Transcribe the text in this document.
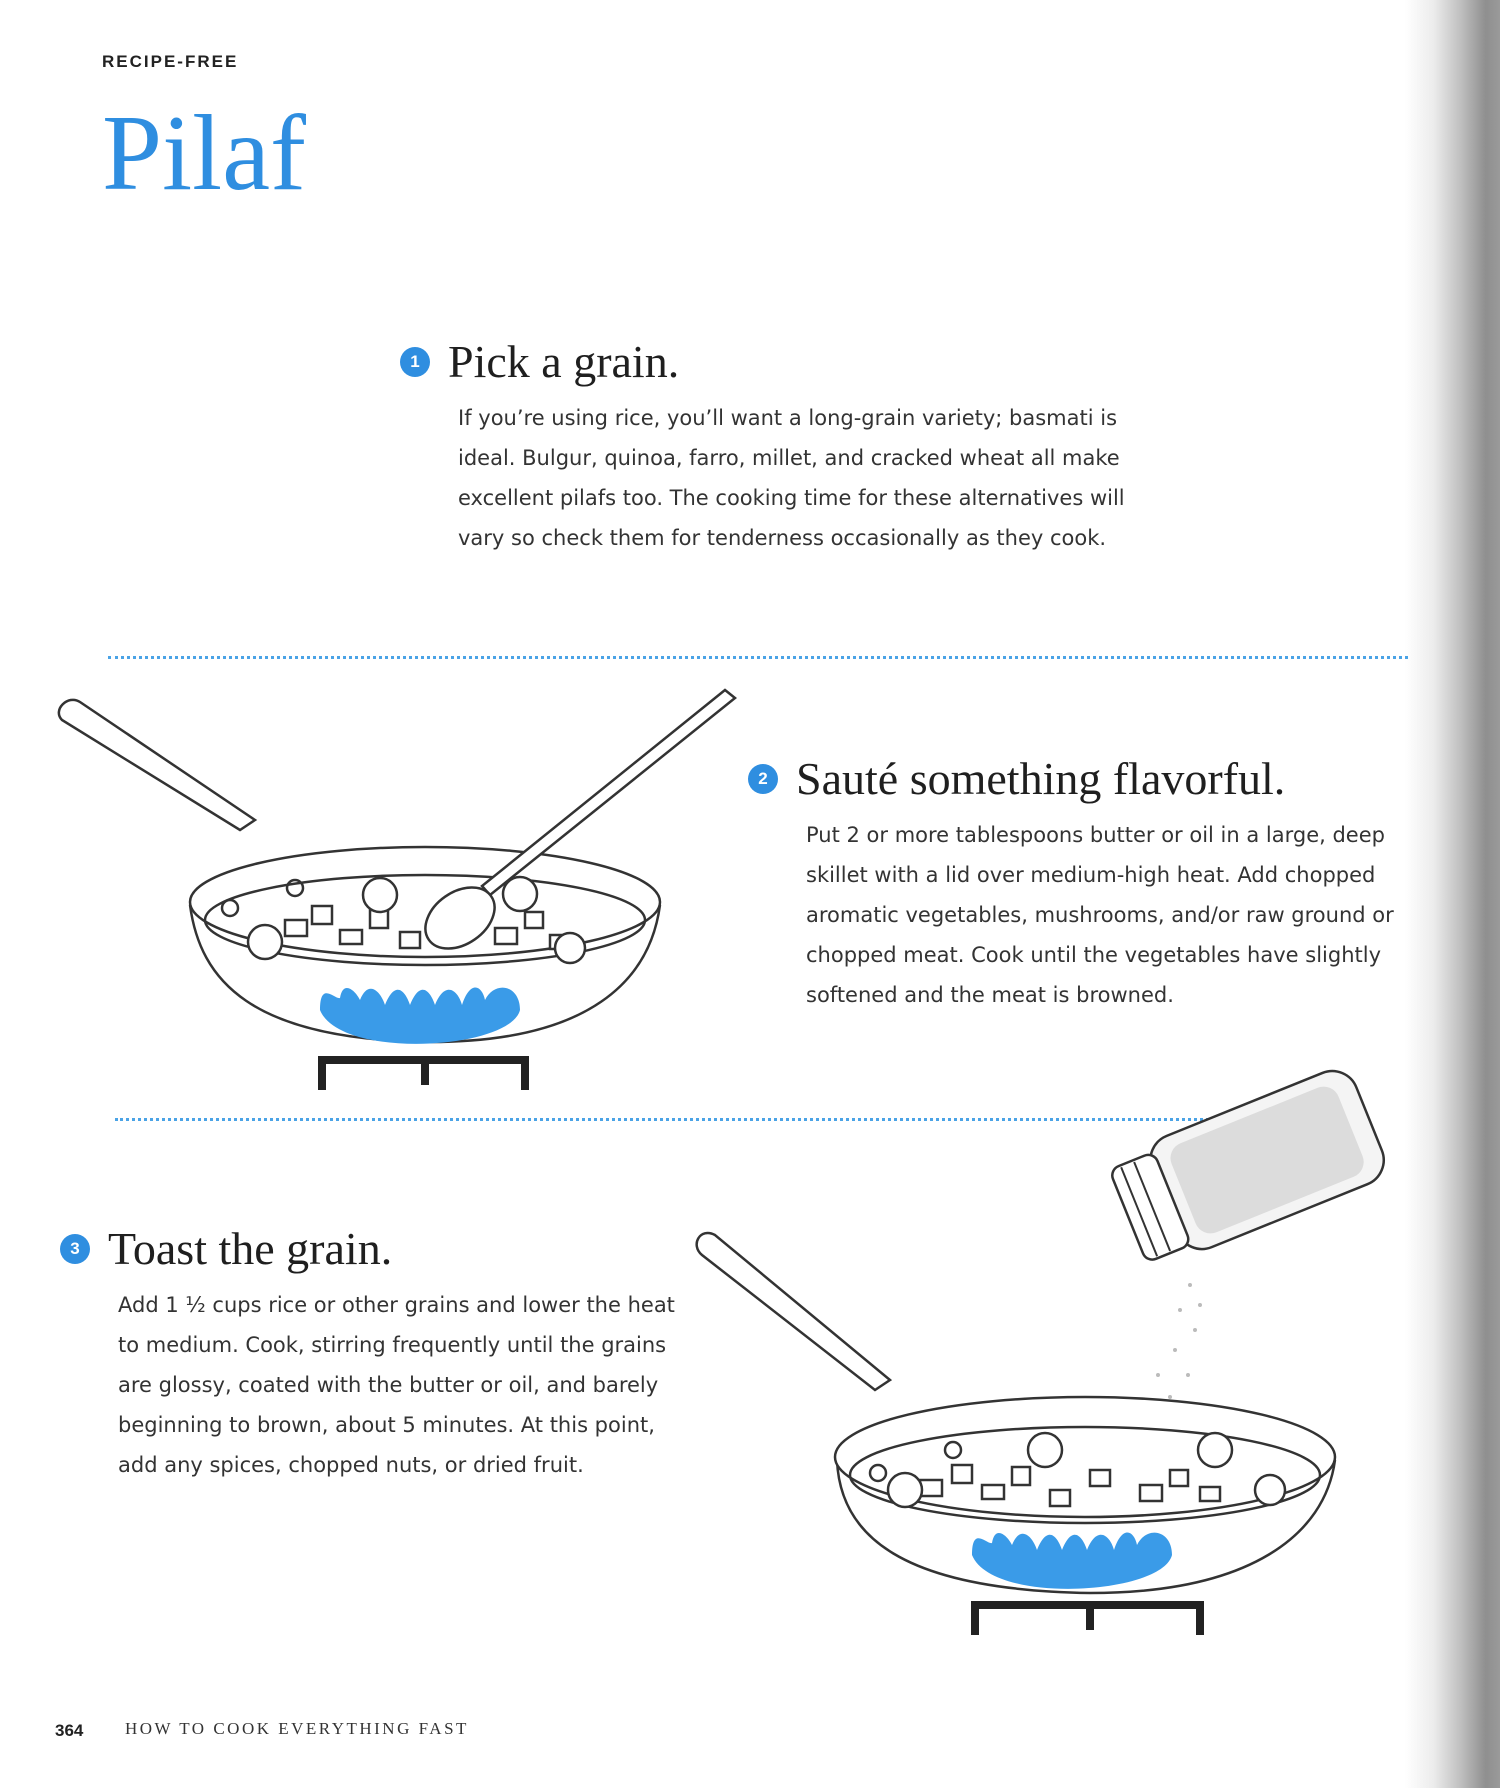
RECIPE-FREE
Pilaf
1 Pick a grain.
If you’re using rice, you’ll want a long-grain variety; basmati is ideal. Bulgur, quinoa, farro, millet, and cracked wheat all make excellent pilafs too. The cooking time for these alternatives will vary so check them for tenderness occasionally as they cook.
2 Sauté something flavorful.
Put 2 or more tablespoons butter or oil in a large, deep skillet with a lid over medium-high heat. Add chopped aromatic vegetables, mushrooms, and/or raw ground or chopped meat. Cook until the vegetables have slightly softened and the meat is browned.
3 Toast the grain.
Add 1 ½ cups rice or other grains and lower the heat to medium. Cook, stirring frequently until the grains are glossy, coated with the butter or oil, and barely beginning to brown, about 5 minutes. At this point, add any spices, chopped nuts, or dried fruit.
364 HOW TO COOK EVERYTHING FAST
